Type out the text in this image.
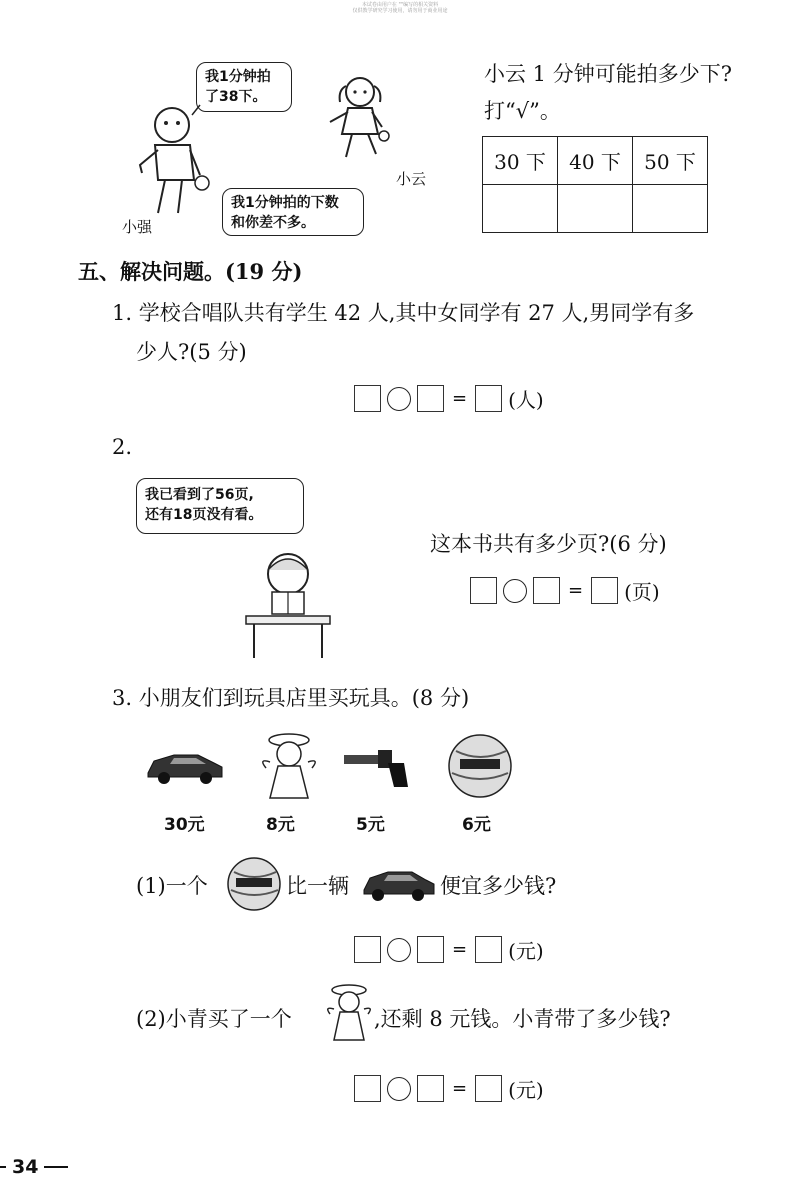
本试卷由用户在 ""编写的相关资料
仅供教学研究学习使用，请勿用于商业用途
我1分钟拍
了38下。
小强
小云
我1分钟拍的下数
和你差不多。
小云 1 分钟可能拍多少下?
打“√”。
30 下	40 下	50 下

五、解决问题。(19 分)
1. 学校合唱队共有学生 42 人,其中女同学有 27 人,男同学有多
少人?(5 分)
= (人)
2.
我已看到了56页,
还有18页没有看。
这本书共有多少页?(6 分)
= (页)
3. 小朋友们到玩具店里买玩具。(8 分)
30元	8元	5元	6元
(1)一个	比一辆	便宜多少钱?
= (元)
(2)小青买了一个	,还剩 8 元钱。小青带了多少钱?
= (元)
34
